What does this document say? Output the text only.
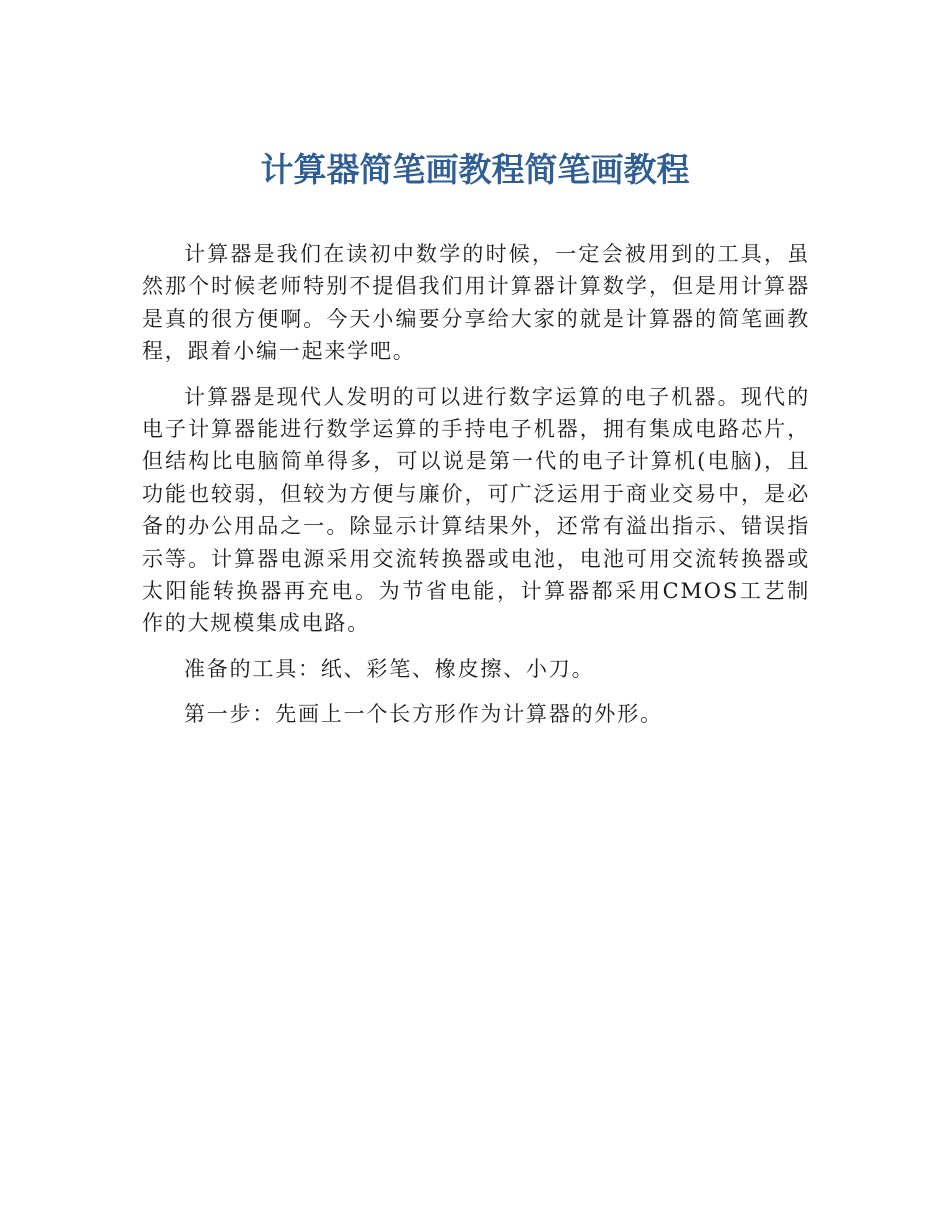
计算器简笔画教程简笔画教程

计算器是我们在读初中数学的时候，一定会被用到的工具，虽然那个时候老师特别不提倡我们用计算器计算数学，但是用计算器是真的很方便啊。今天小编要分享给大家的就是计算器的简笔画教程，跟着小编一起来学吧。

计算器是现代人发明的可以进行数字运算的电子机器。现代的电子计算器能进行数学运算的手持电子机器，拥有集成电路芯片，但结构比电脑简单得多，可以说是第一代的电子计算机(电脑)，且功能也较弱，但较为方便与廉价，可广泛运用于商业交易中，是必备的办公用品之一。除显示计算结果外，还常有溢出指示、错误指示等。计算器电源采用交流转换器或电池，电池可用交流转换器或太阳能转换器再充电。为节省电能，计算器都采用CMOS工艺制作的大规模集成电路。

准备的工具：纸、彩笔、橡皮擦、小刀。

第一步：先画上一个长方形作为计算器的外形。
